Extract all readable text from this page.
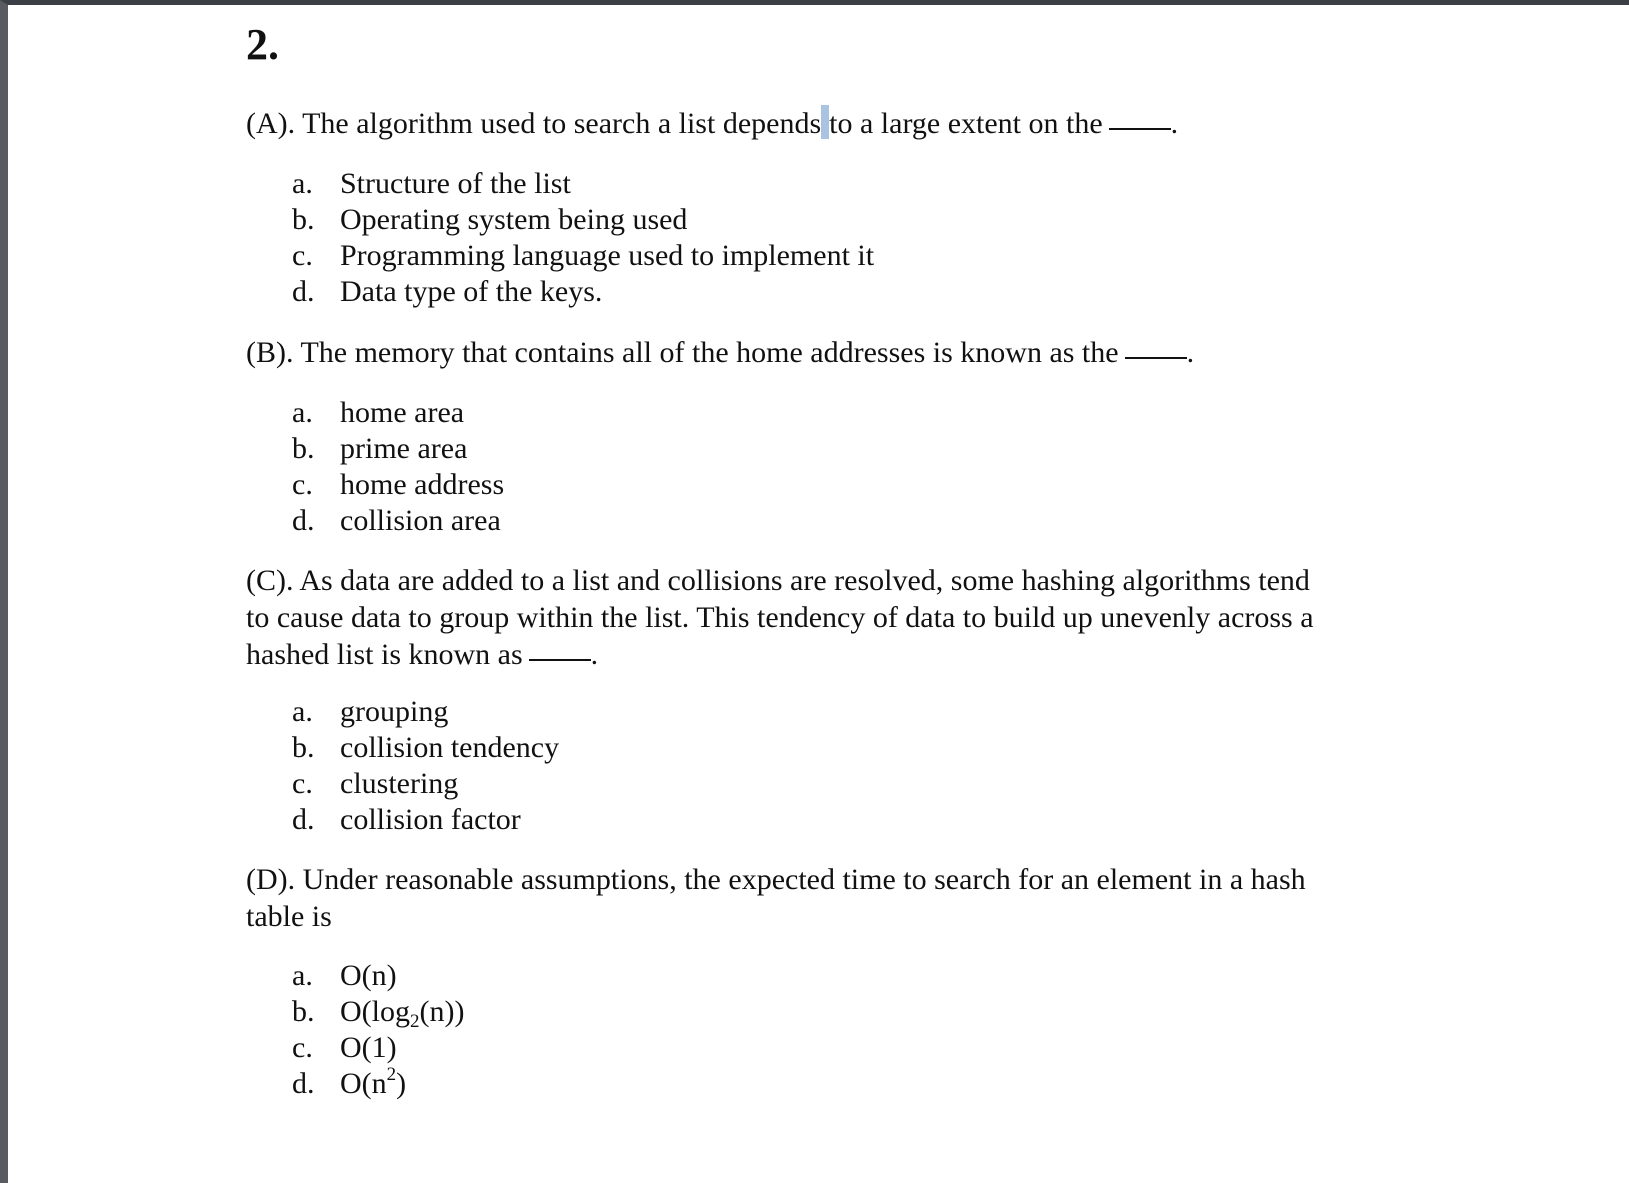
2.

(A). The algorithm used to search a list depends to a large extent on the .

a. Structure of the list
b. Operating system being used
c. Programming language used to implement it
d. Data type of the keys.

(B). The memory that contains all of the home addresses is known as the .

a. home area
b. prime area
c. home address
d. collision area

(C). As data are added to a list and collisions are resolved, some hashing algorithms tend
to cause data to group within the list. This tendency of data to build up unevenly across a
hashed list is known as .

a. grouping
b. collision tendency
c. clustering
d. collision factor

(D). Under reasonable assumptions, the expected time to search for an element in a hash
table is

a. O(n)
b. $O(\log_2(n))$
c. O(1)
d. $O(n^2)$
